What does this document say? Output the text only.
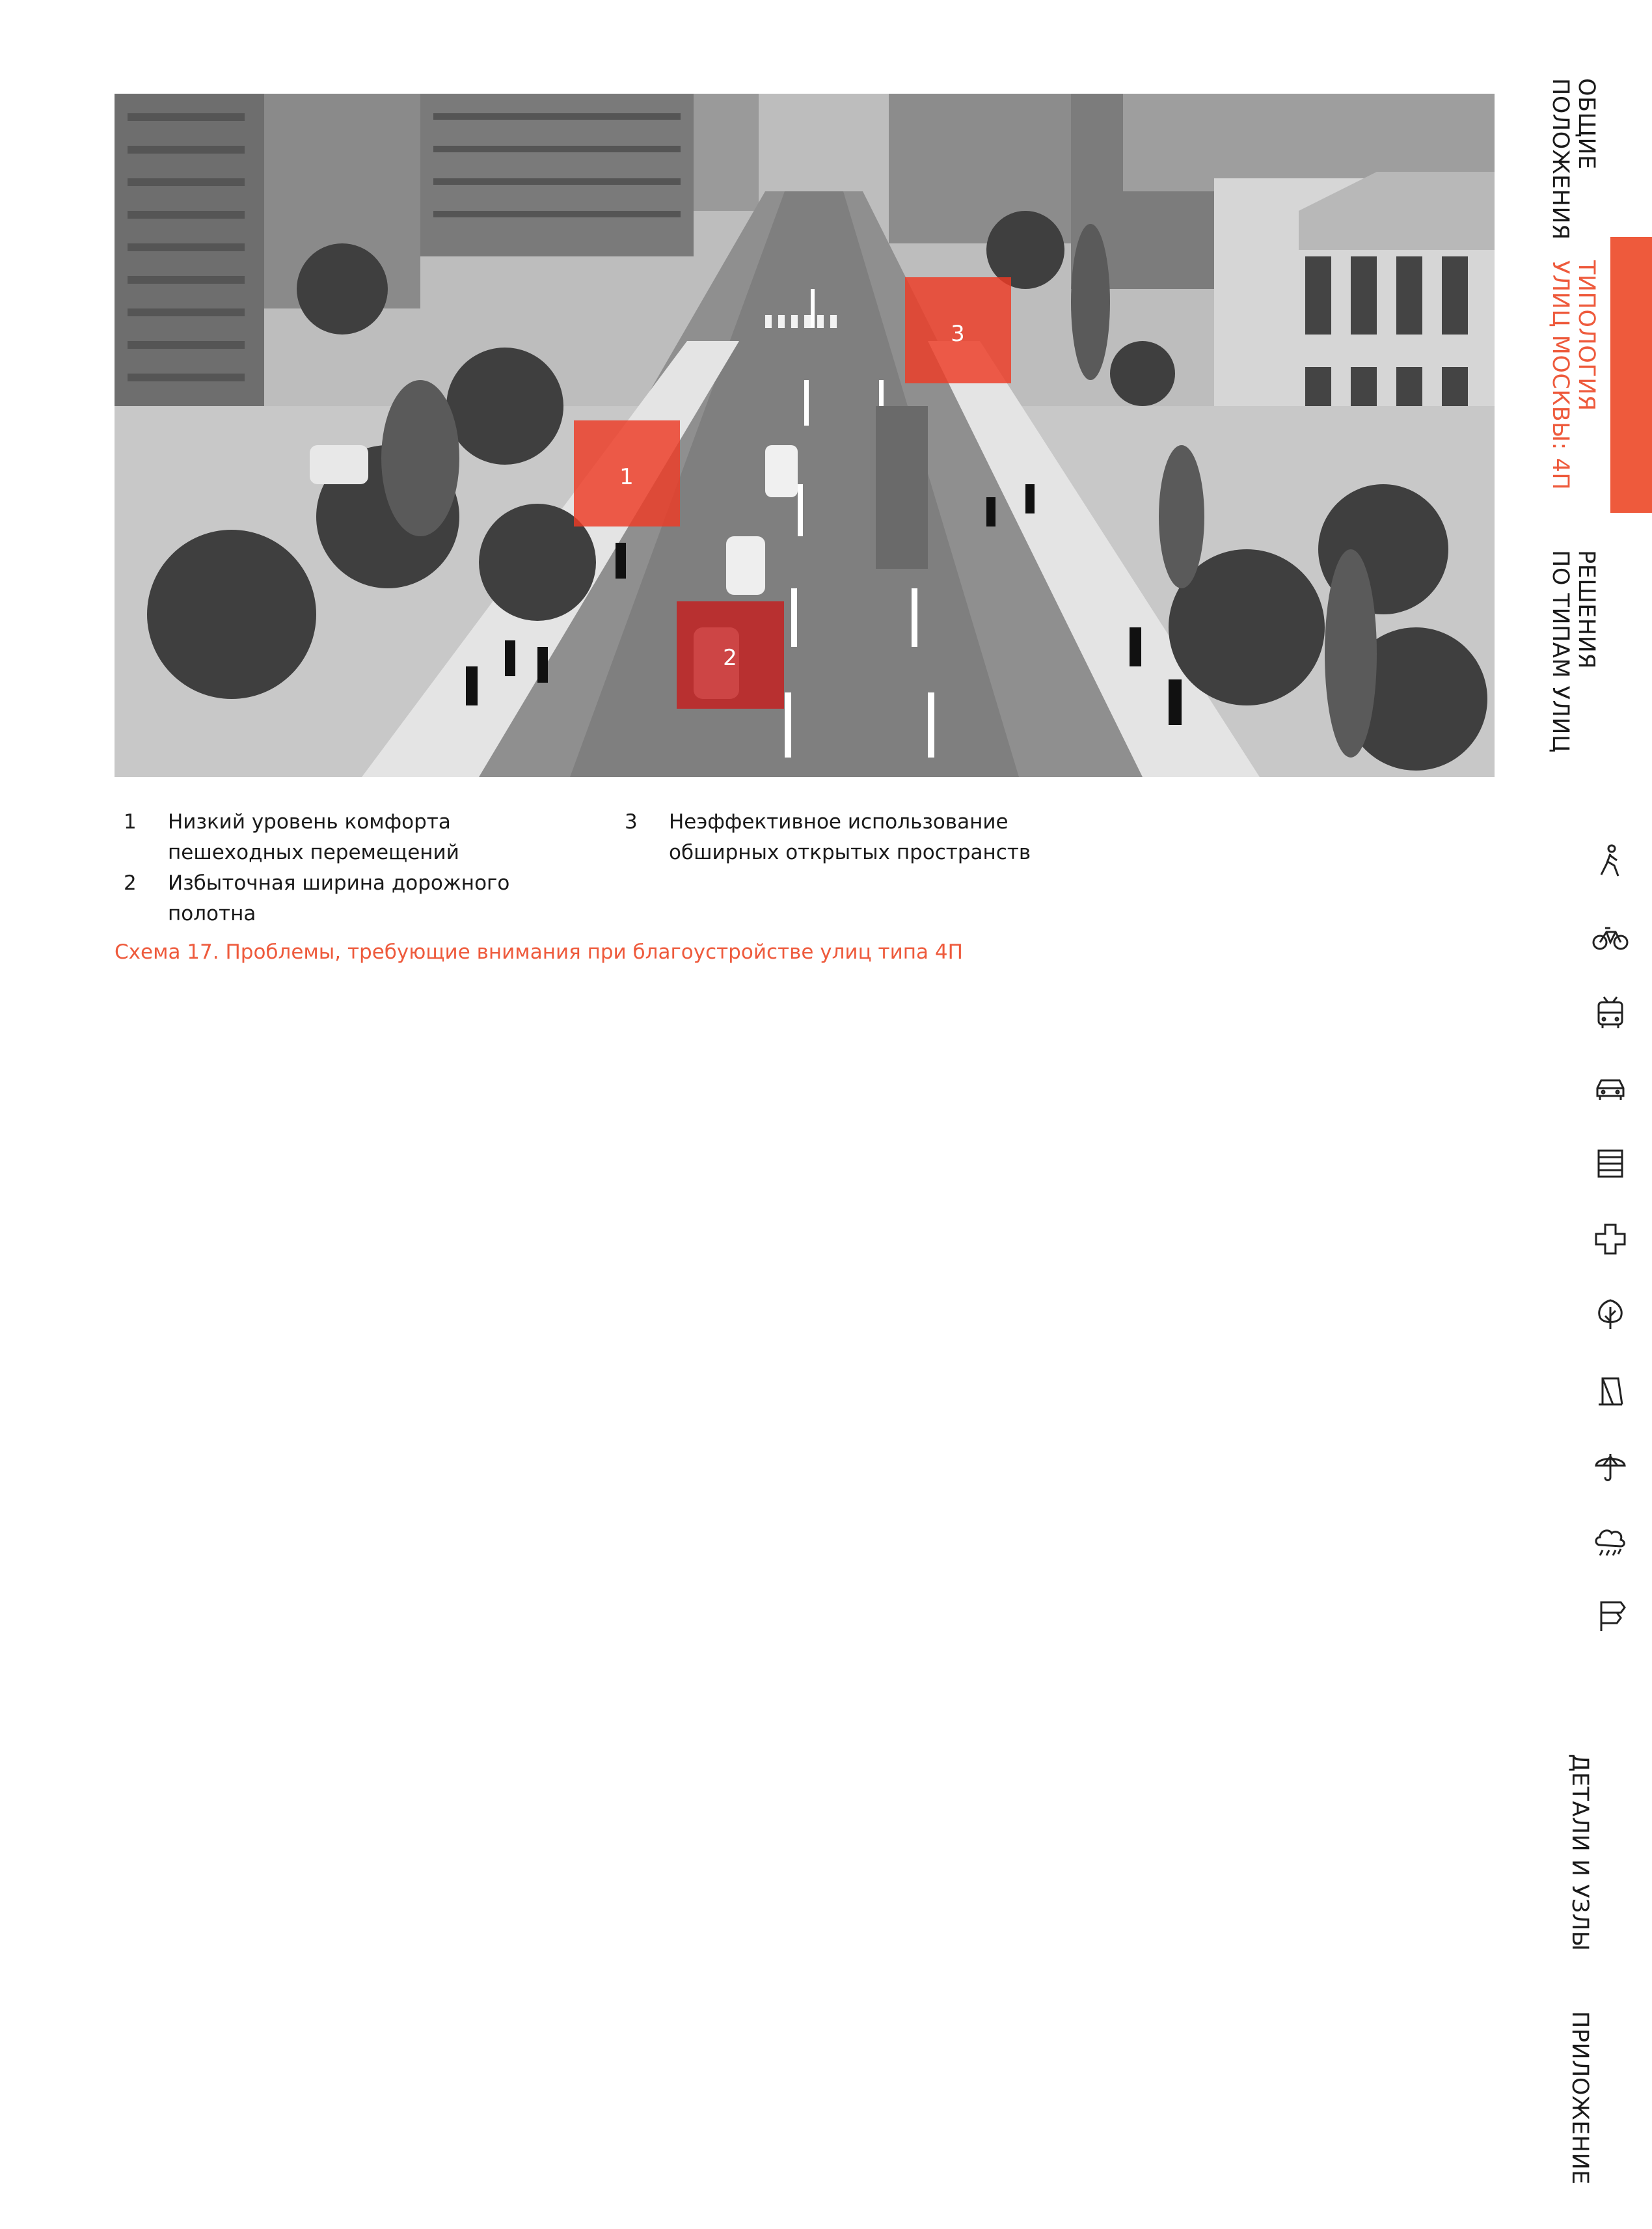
1
2
3
1 Низкий уровень комфорта
пешеходных перемещений
2 Избыточная ширина дорожного
полотна
3 Неэффективное использование
обширных открытых пространств
Схема 17. Проблемы, требующие внимания при благоустройстве улиц типа 4П
ОБЩИЕ
ПОЛОЖЕНИЯ
ТИПОЛОГИЯ
УЛИЦ МОСКВЫ: 4П
РЕШЕНИЯ
ПО ТИПАМ УЛИЦ
ДЕТАЛИ И УЗЛЫ
ПРИЛОЖЕНИЕ
